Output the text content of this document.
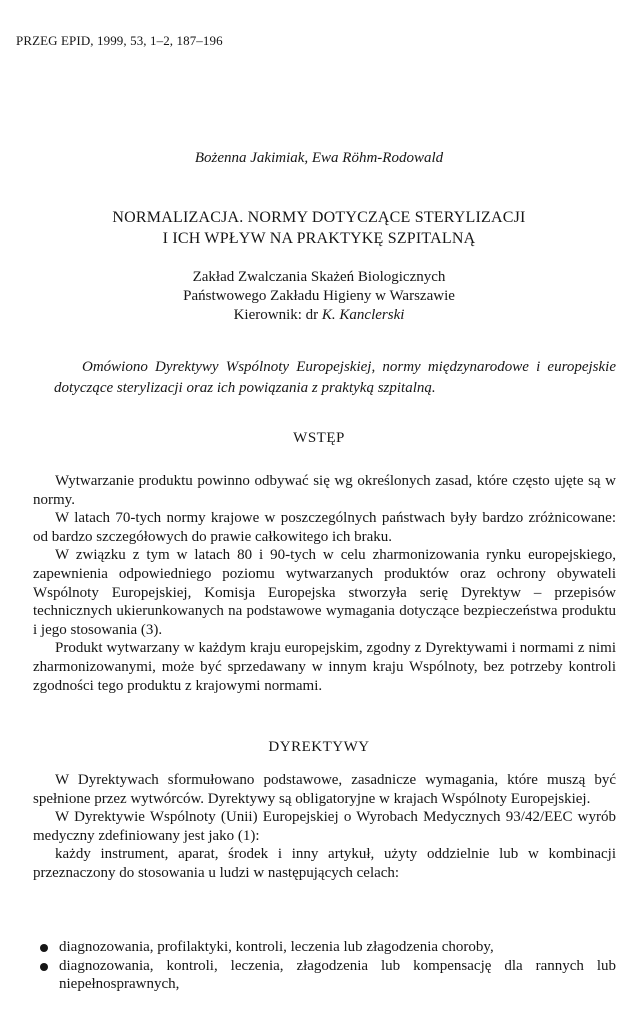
PRZEG EPID, 1999, 53, 1–2, 187–196
Bożenna Jakimiak, Ewa Röhm-Rodowald
NORMALIZACJA. NORMY DOTYCZĄCE STERYLIZACJI
I ICH WPŁYW NA PRAKTYKĘ SZPITALNĄ
Zakład Zwalczania Skażeń Biologicznych
Państwowego Zakładu Higieny w Warszawie
Kierownik: dr K. Kanclerski
Omówiono Dyrektywy Wspólnoty Europejskiej, normy międzynarodowe i europejskie dotyczące sterylizacji oraz ich powiązania z praktyką szpitalną.
WSTĘP

Wytwarzanie produktu powinno odbywać się wg określonych zasad, które często ujęte są w normy.

W latach 70-tych normy krajowe w poszczególnych państwach były bardzo zróżnicowane: od bardzo szczegółowych do prawie całkowitego ich braku.

W związku z tym w latach 80 i 90-tych w celu zharmonizowania rynku europejskiego, zapewnienia odpowiedniego poziomu wytwarzanych produktów oraz ochrony obywateli Wspólnoty Europejskiej, Komisja Europejska stworzyła serię Dyrektyw – przepisów technicznych ukierunkowanych na podstawowe wymagania dotyczące bezpieczeństwa produktu i jego stosowania (3).

Produkt wytwarzany w każdym kraju europejskim, zgodny z Dyrektywami i normami z nimi zharmonizowanymi, może być sprzedawany w innym kraju Wspólnoty, bez potrzeby kontroli zgodności tego produktu z krajowymi normami.

DYREKTYWY

W Dyrektywach sformułowano podstawowe, zasadnicze wymagania, które muszą być spełnione przez wytwórców. Dyrektywy są obligatoryjne w krajach Wspólnoty Europejskiej.

W Dyrektywie Wspólnoty (Unii) Europejskiej o Wyrobach Medycznych 93/42/EEC wyrób medyczny zdefiniowany jest jako (1):

każdy instrument, aparat, środek i inny artykuł, użyty oddzielnie lub w kombinacji przeznaczony do stosowania u ludzi w następujących celach:

diagnozowania, profilaktyki, kontroli, leczenia lub złagodzenia choroby,
diagnozowania, kontroli, leczenia, złagodzenia lub kompensację dla rannych lub niepełnosprawnych,
